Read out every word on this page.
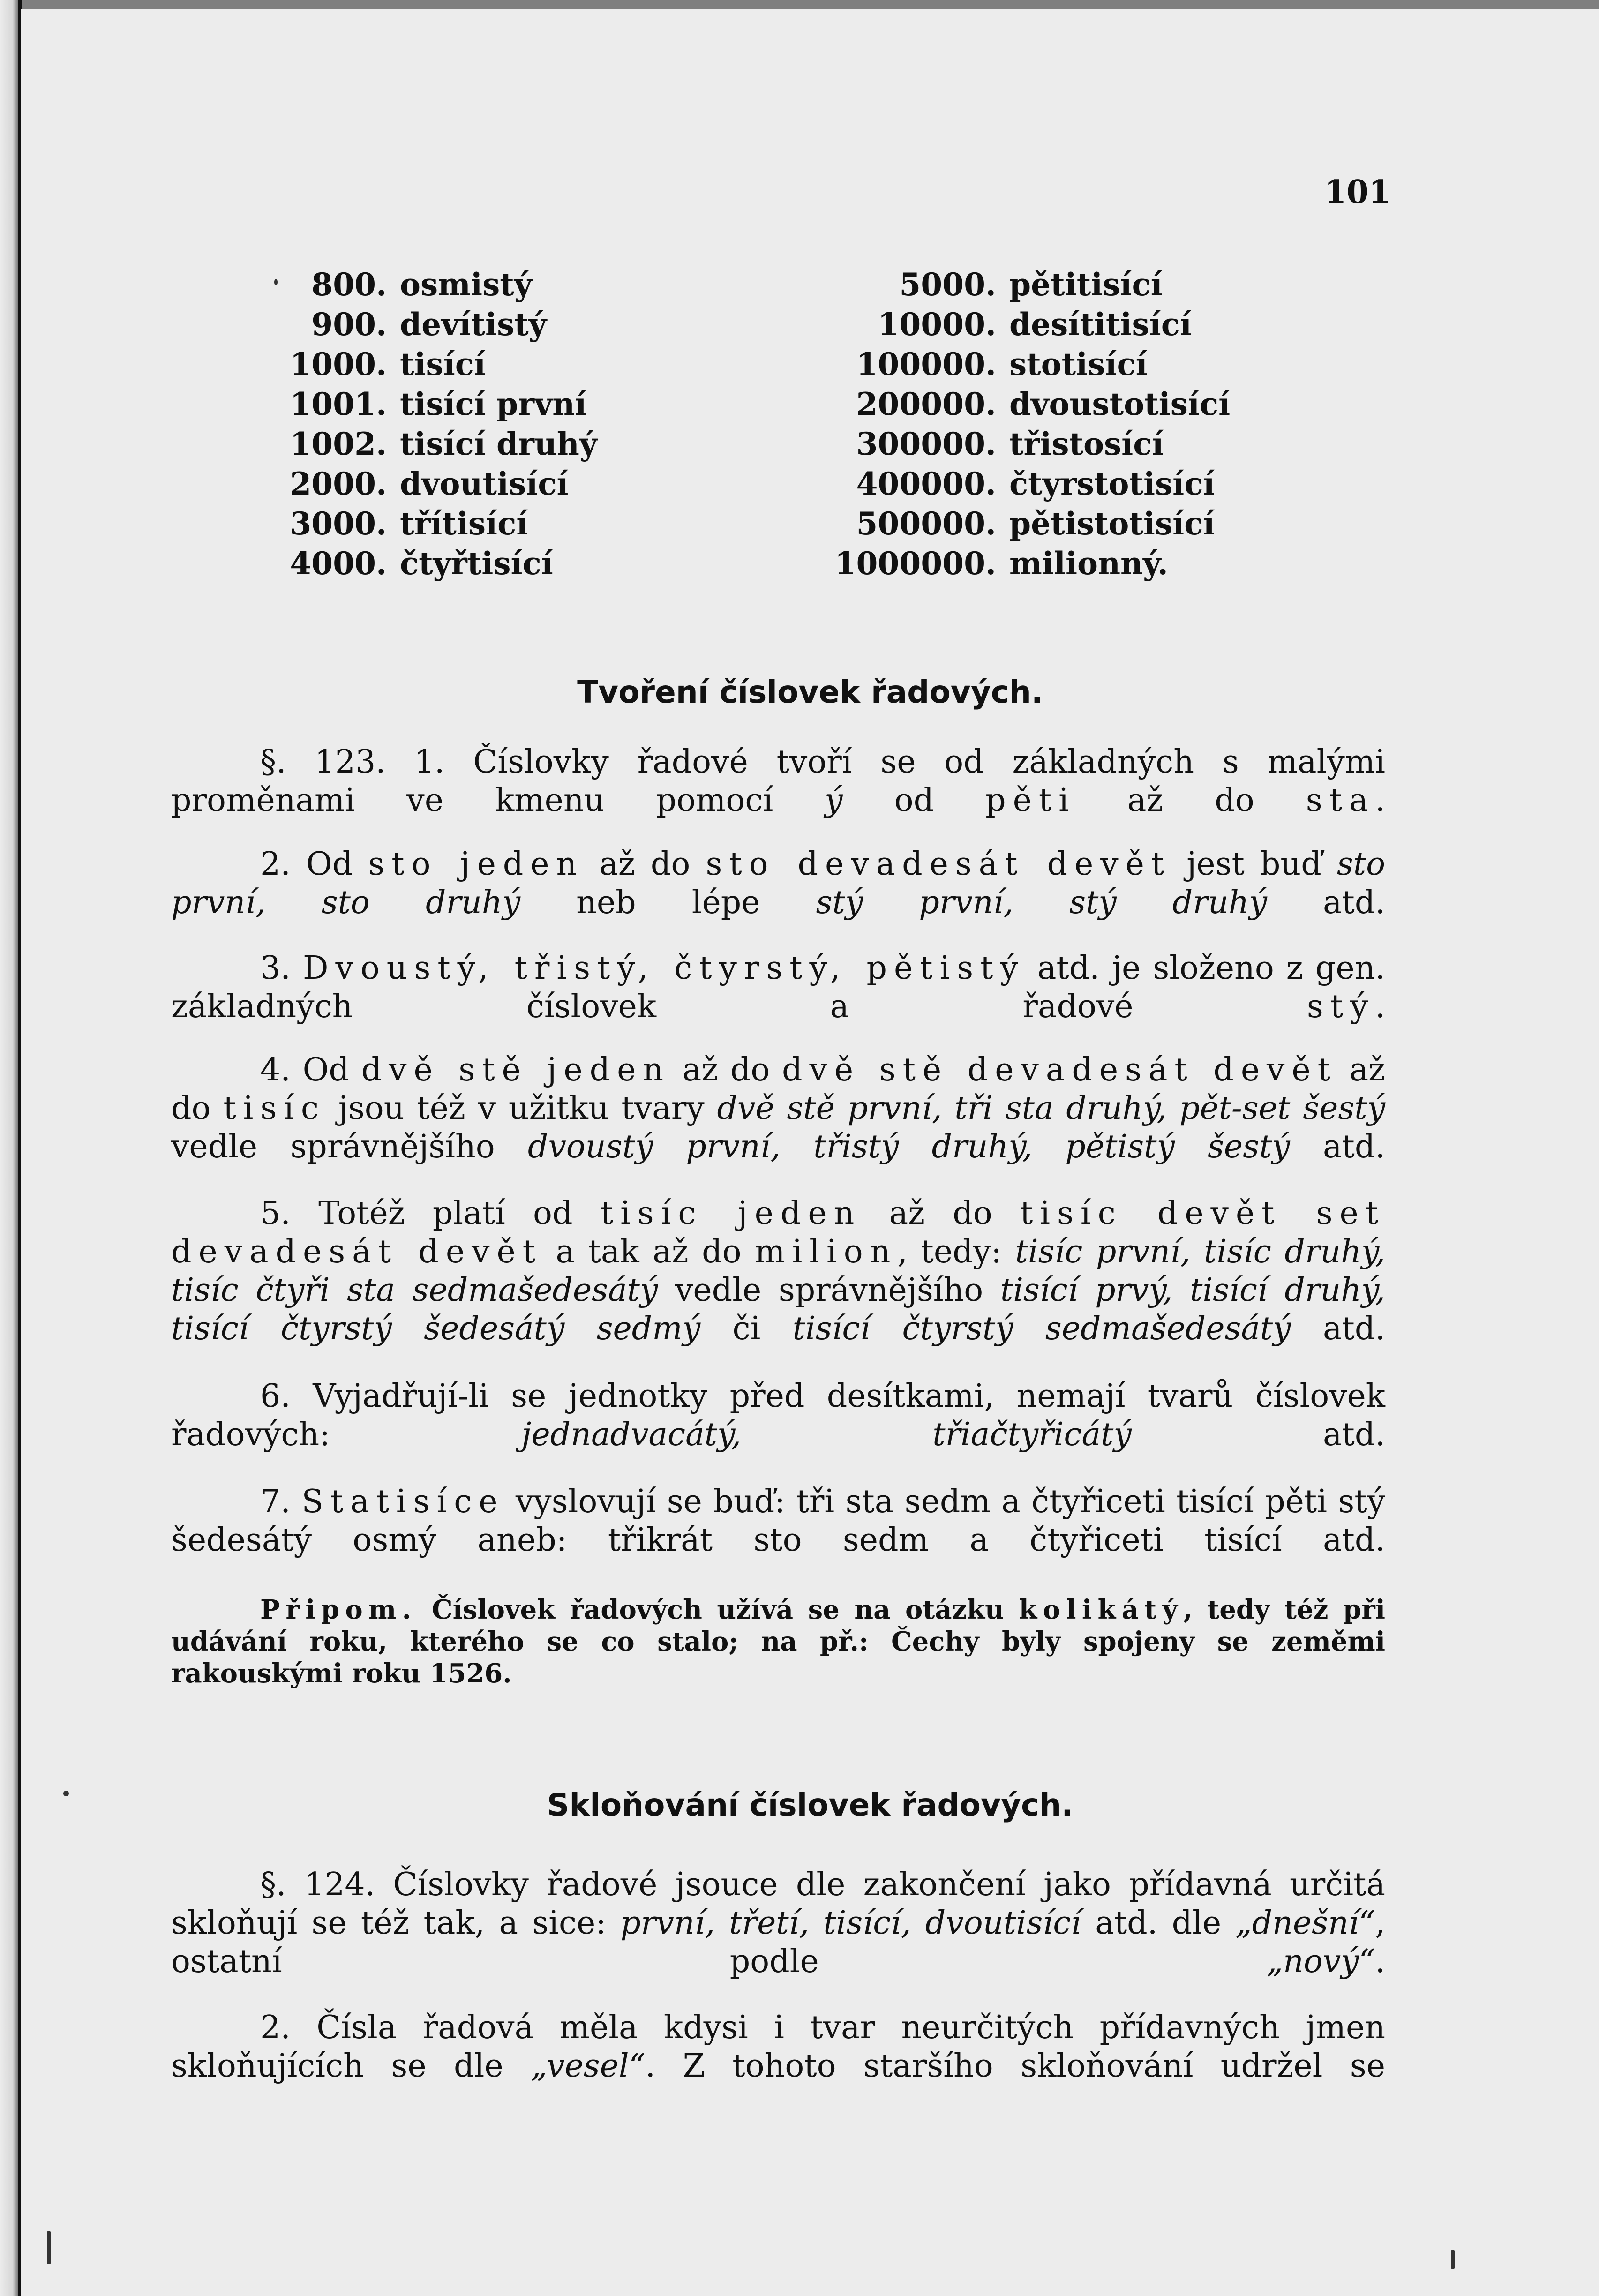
101
800. osmistý
900. devítistý
1000. tisící
1001. tisící první
1002. tisící druhý
2000. dvoutisící
3000. třítisící
4000. čtyřtisící
5000. pětitisící
10000. desítitisící
100000. stotisící
200000. dvoustotisící
300000. třistosící
400000. čtyrstotisící
500000. pětistotisící
1000000. milionný.
Tvoření číslovek řadových.
§. 123. 1. Číslovky řadové tvoří se od základných s malými proměnami ve kmenu pomocí ý od pěti až do sta.
2. Od sto jeden až do sto devadesát devět jest buď sto první, sto druhý neb lépe stý první, stý druhý atd.
3. Dvoustý, třistý, čtyrstý, pětistý atd. je složeno z gen. základných číslovek a řadové stý.
4. Od dvě stě jeden až do dvě stě devadesát devět až do tisíc jsou též v užitku tvary dvě stě první, tři sta druhý, pět-set šestý vedle správnějšího dvoustý první, třistý druhý, pětistý šestý atd.
5. Totéž platí od tisíc jeden až do tisíc devět set devadesát devět a tak až do milion, tedy: tisíc první, tisíc druhý, tisíc čtyři sta sedmašedesátý vedle správnějšího tisící prvý, tisící druhý, tisící čtyrstý šedesátý sedmý či tisící čtyrstý sedmašedesátý atd.
6. Vyjadřují-li se jednotky před desítkami, nemají tvarů číslovek řadových: jednadvacátý, třiačtyřicátý atd.
7. Statisíce vyslovují se buď: tři sta sedm a čtyřiceti tisící pěti stý šedesátý osmý aneb: třikrát sto sedm a čtyřiceti tisící atd.
Připom. Číslovek řadových užívá se na otázku kolikátý, tedy též při udávání roku, kterého se co stalo; na př.: Čechy byly spojeny se zeměmi rakouskými roku 1526.
Skloňování číslovek řadových.
§. 124. Číslovky řadové jsouce dle zakončení jako přídavná určitá skloňují se též tak, a sice: první, třetí, tisící, dvoutisící atd. dle „dnešní“, ostatní podle „nový“.
2. Čísla řadová měla kdysi i tvar neurčitých přídavných jmen skloňujících se dle „vesel“. Z tohoto staršího skloňování udržel se
